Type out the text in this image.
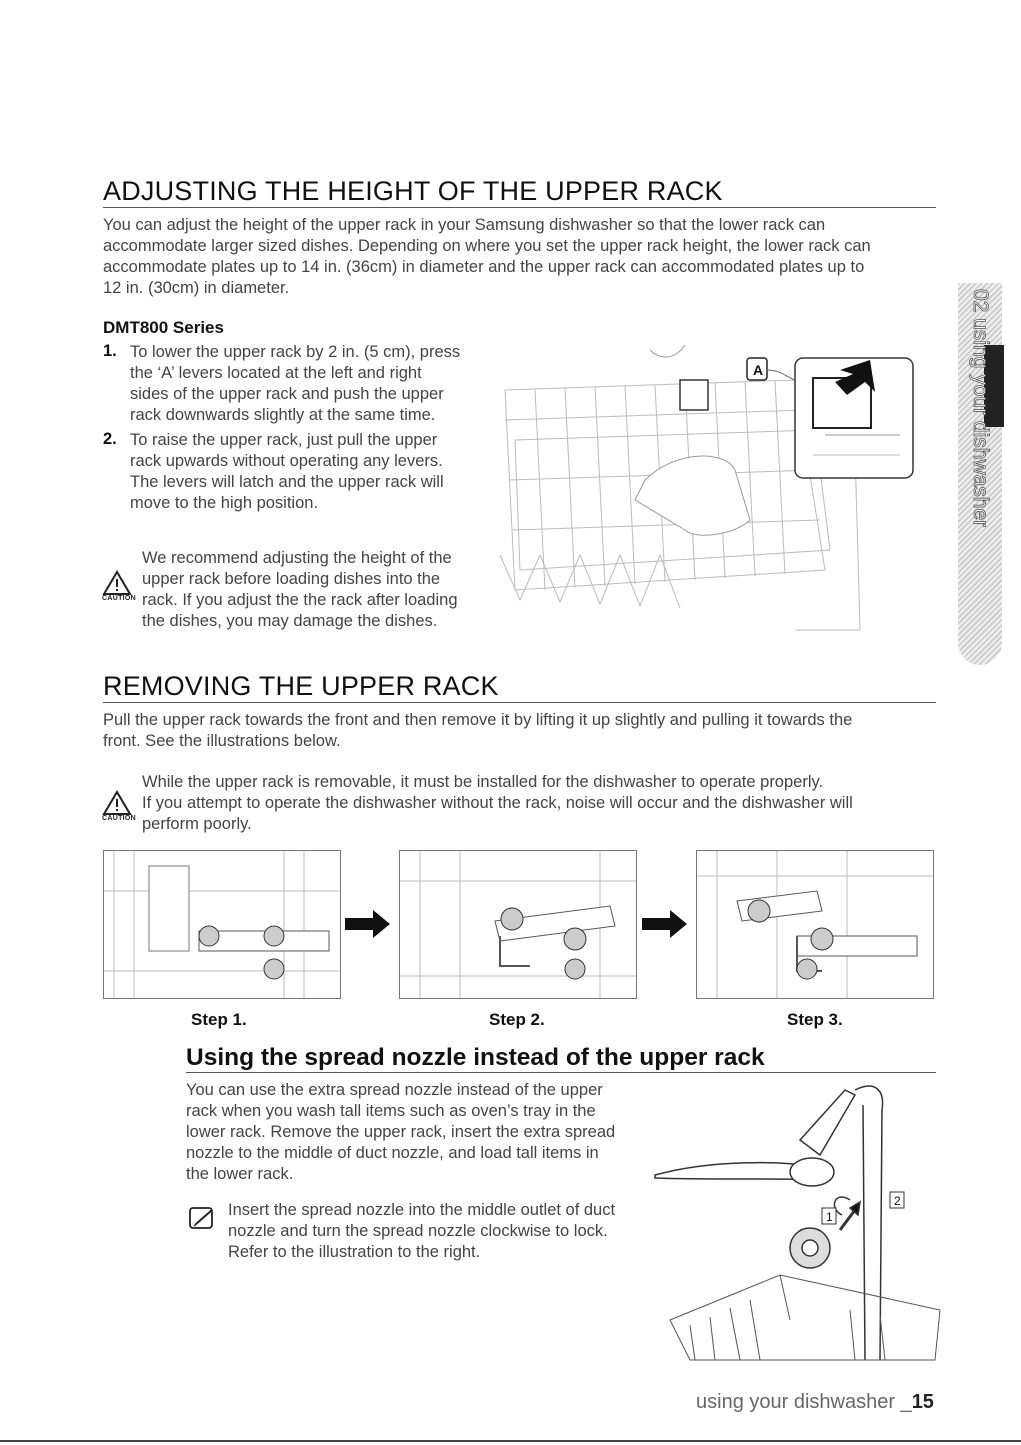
ADJUSTING THE HEIGHT OF THE UPPER RACK
You can adjust the height of the upper rack in your Samsung dishwasher so that the lower rack can
accommodate larger sized dishes. Depending on where you set the upper rack height, the lower rack can
accommodate plates up to 14 in. (36cm) in diameter and the upper rack can accommodated plates up to
12 in. (30cm) in diameter.
DMT800 Series
1. To lower the upper rack by 2 in. (5 cm), press
the ‘A’ levers located at the left and right
sides of the upper rack and push the upper
rack downwards slightly at the same time.
2. To raise the upper rack, just pull the upper
rack upwards without operating any levers.
The levers will latch and the upper rack will
move to the high position.
CAUTION
We recommend adjusting the height of the
upper rack before loading dishes into the
rack. If you adjust the the rack after loading
the dishes, you may damage the dishes.
A
REMOVING THE UPPER RACK
Pull the upper rack towards the front and then remove it by lifting it up slightly and pulling it towards the
front. See the illustrations below.
CAUTION
While the upper rack is removable, it must be installed for the dishwasher to operate properly.
If you attempt to operate the dishwasher without the rack, noise will occur and the dishwasher will
perform poorly.
Step 1.	Step 2.	Step 3.
Using the spread nozzle instead of the upper rack
You can use the extra spread nozzle instead of the upper
rack when you wash tall items such as oven’s tray in the
lower rack. Remove the upper rack, insert the extra spread
nozzle to the middle of duct nozzle, and load tall items in
the lower rack.
Insert the spread nozzle into the middle outlet of duct
nozzle and turn the spread nozzle clockwise to lock.
Refer to the illustration to the right.
1
2
02 using your dishwasher
using your dishwasher _15
